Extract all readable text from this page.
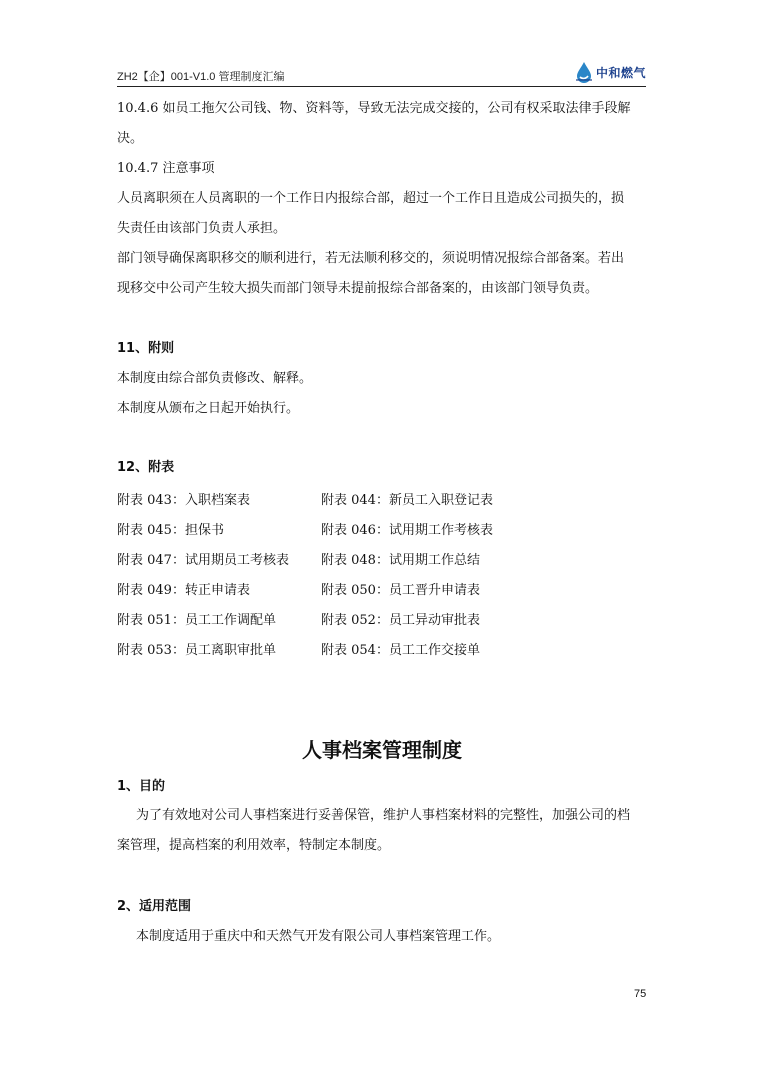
ZH2【企】001-V1.0 管理制度汇编	中和燃气
10.4.6 如员工拖欠公司钱、物、资料等，导致无法完成交接的，公司有权采取法律手段解
决。
10.4.7 注意事项
人员离职须在人员离职的一个工作日内报综合部，超过一个工作日且造成公司损失的，损
失责任由该部门负责人承担。
部门领导确保离职移交的顺利进行，若无法顺利移交的，须说明情况报综合部备案。若出
现移交中公司产生较大损失而部门领导未提前报综合部备案的，由该部门领导负责。
11、附则
本制度由综合部负责修改、解释。
本制度从颁布之日起开始执行。
12、附表
附表 043：入职档案表	附表 044：新员工入职登记表
附表 045：担保书	附表 046：试用期工作考核表
附表 047：试用期员工考核表 附表 048：试用期工作总结
附表 049：转正申请表	附表 050：员工晋升申请表
附表 051：员工工作调配单	附表 052：员工异动审批表
附表 053：员工离职审批单	附表 054：员工工作交接单
人事档案管理制度
1、目的
为了有效地对公司人事档案进行妥善保管，维护人事档案材料的完整性，加强公司的档
案管理，提高档案的利用效率，特制定本制度。
2、适用范围
本制度适用于重庆中和天然气开发有限公司人事档案管理工作。
75
